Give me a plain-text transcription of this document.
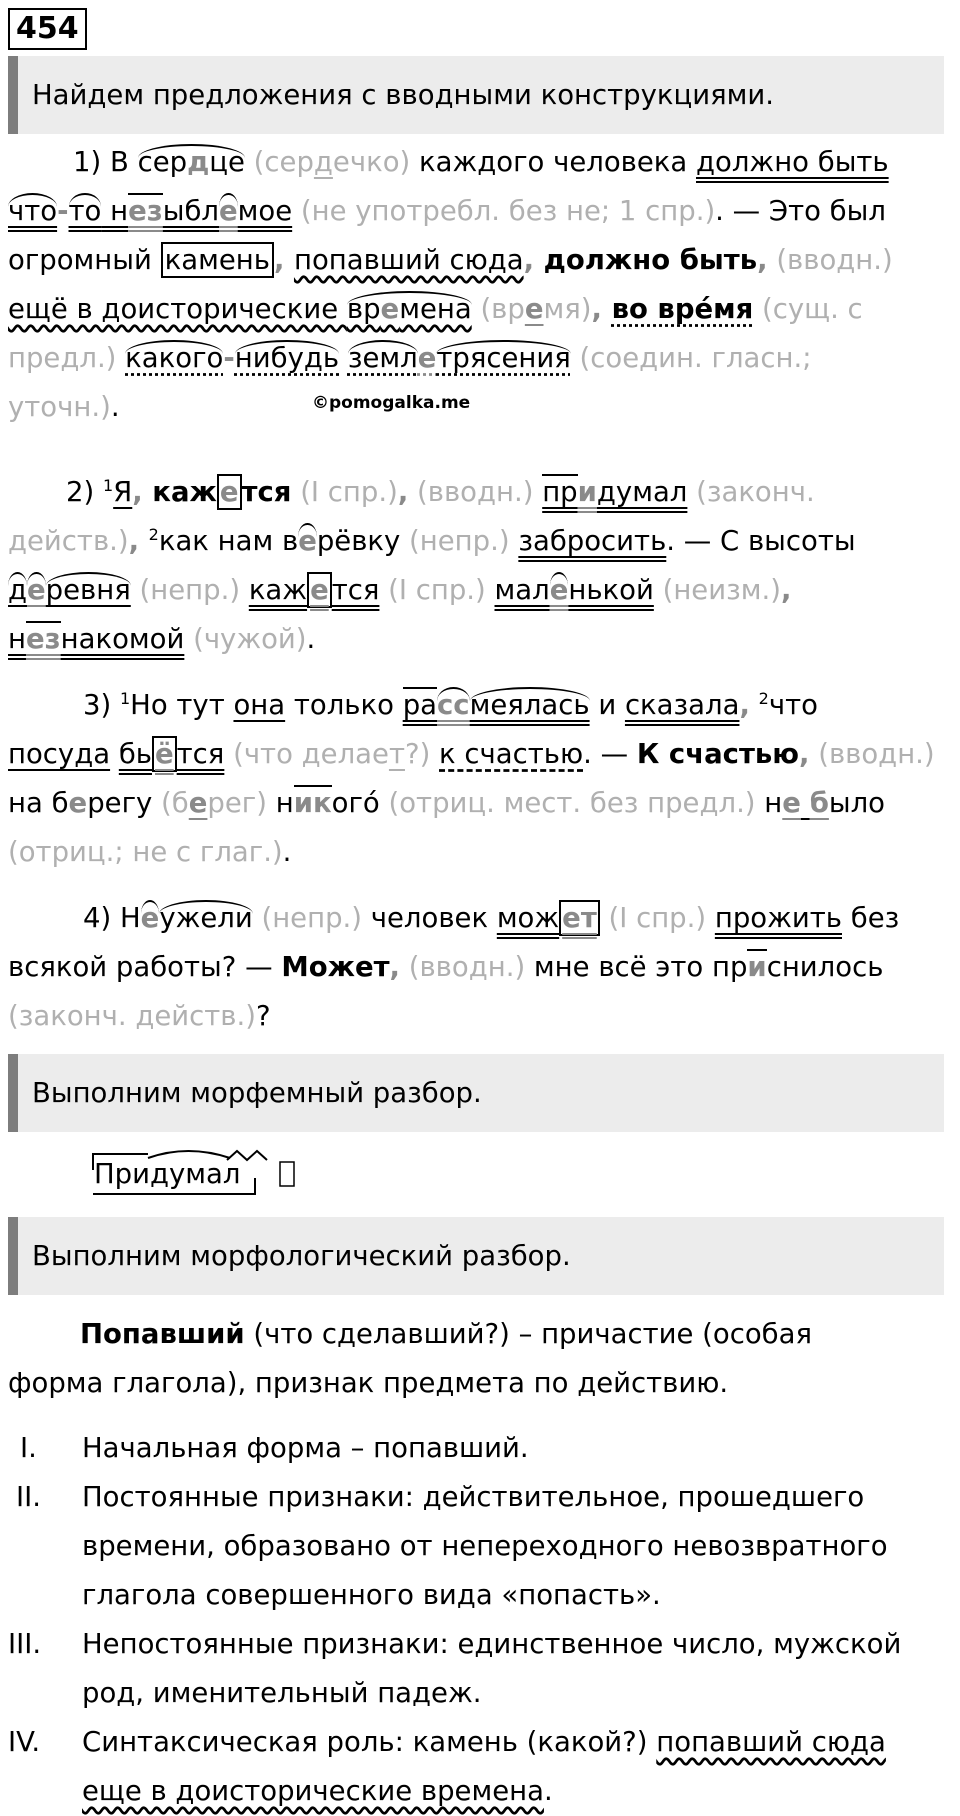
454
Найдем предложения с вводными конструкциями.
1) В сердце (сердечко) каждого человека должно быть
что-то незыблемое (не употребл. без не; 1 спр.). — Это был
огромный камень , попавший сюда, должно быть, (вводн.)
ещё в доисторические времена (время), во вре́мя (сущ. с
предл.) какого-нибудь землетрясения (соедин. гласн.;
уточн.).	©pomogalka.me
2) $^1$Я, каж е тся (I спр.), (вводн.) придумал (законч.
действ.), $^2$как нам верёвку (непр.) забросить. — С высоты
деревня (непр.) каж е тся (I спр.) маленькой (неизм.),
незнакомой (чужой).
3) $^1$Но тут она только рассмеялась и сказала, $^2$что
посуда бь ё тся (что делает?) к счастью. — К счастью, (вводн.)
на берегу (берег) никого́ (отриц. мест. без предл.) не было
(отриц.; не с глаг.).
4) Неужели (непр.) человек мож ет (I спр.) прожить без
всякой работы? — Может, (вводн.) мне всё это приснилось
(законч. действ.)?
Выполним морфемный разбор.
Придумал
Выполним морфологический разбор.
Попавший (что сделавший?) – причастие (особая
форма глагола), признак предмета по действию.
I.	Начальная форма – попавший.
II.	Постоянные признаки: действительное, прошедшего
времени, образовано от непереходного невозвратного
глагола совершенного вида «попасть».
III.	Непостоянные признаки: единственное число, мужской
род, именительный падеж.
IV.	Синтаксическая роль: камень (какой?) попавший сюда
еще в доисторические времена.
